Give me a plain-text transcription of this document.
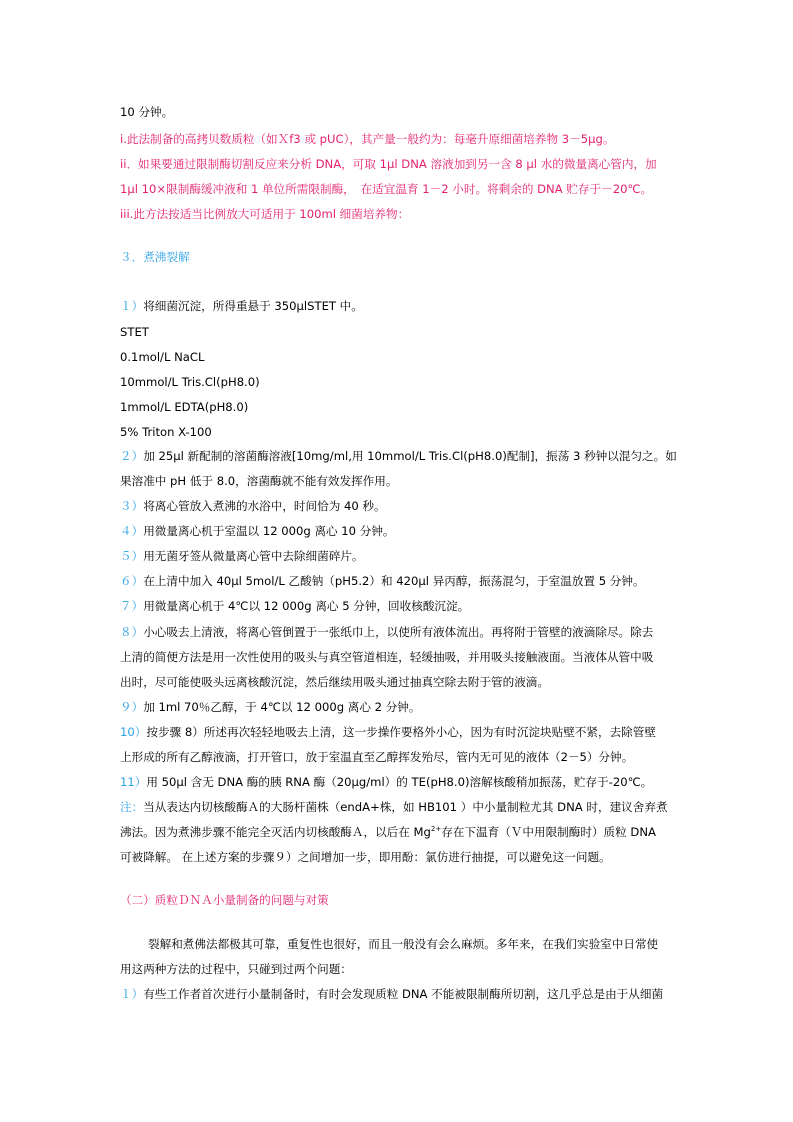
10 分钟。
i.此法制备的高拷贝数质粒（如Ｘf3 或 pUC），其产量一般约为：每毫升原细菌培养物 3－5μg。
ii．如果要通过限制酶切割反应来分析 DNA，可取 1μl DNA 溶液加到另一含 8 μl 水的微量离心管内，加
1μl 10×限制酶缓冲液和 1 单位所需限制酶，　在适宜温育 1－2 小时。将剩余的 DNA 贮存于－20℃。
iii.此方法按适当比例放大可适用于 100ml 细菌培养物：
３．煮沸裂解
１）将细菌沉淀，所得重悬于 350μlSTET 中。
STET
0.1mol/L NaCL
10mmol/L Tris.Cl(pH8.0)
1mmol/L EDTA(pH8.0)
5% Triton X-100
２）加 25μl 新配制的溶菌酶溶液[10mg/ml,用 10mmol/L Tris.Cl(pH8.0)配制]，振荡 3 秒钟以混匀之。如
果溶准中 pH 低于 8.0，溶菌酶就不能有效发挥作用。
３）将离心管放入煮沸的水浴中，时间恰为 40 秒。
４）用微量离心机于室温以 12 000g 离心 10 分钟。
５）用无菌牙签从微量离心管中去除细菌碎片。
６）在上清中加入 40μl 5mol/L 乙酸钠（pH5.2）和 420μl 异丙醇，振荡混匀，于室温放置 5 分钟。
７）用微量离心机于 4℃以 12 000g 离心 5 分钟，回收核酸沉淀。
８）小心吸去上清液，将离心管倒置于一张纸巾上，以使所有液体流出。再将附于管壁的液滴除尽。除去
上清的简便方法是用一次性使用的吸头与真空管道相连，轻缓抽吸，并用吸头接触液面。当液体从管中吸
出时，尽可能使吸头远离核酸沉淀，然后继续用吸头通过抽真空除去附于管的液滴。
９）加 1ml 70％乙醇，于 4℃以 12 000g 离心 2 分钟。
10）按步骤 8）所述再次轻轻地吸去上清，这一步操作要格外小心，因为有时沉淀块贴壁不紧，去除管壁
上形成的所有乙醇液滴，打开管口，放于室温直至乙醇挥发殆尽，管内无可见的液体（2－5）分钟。
11）用 50μl 含无 DNA 酶的胰 RNA 酶（20μg/ml）的 TE(pH8.0)溶解核酸稍加振荡，贮存于-20℃。
注：当从表达内切核酸酶Ａ的大肠杆菌株（endA+株，如 HB101 ）中小量制粒尤其 DNA 时，建议舍弃煮
沸法。因为煮沸步骤不能完全灭活内切核酸酶Ａ，以后在 $Mg^{2+}$存在下温育（Ｖ中用限制酶时）质粒 DNA
可被降解。 在上述方案的步骤９）之间增加一步，即用酚：氯仿进行抽提，可以避免这一问题。
（二）质粒ＤＮＡ小量制备的问题与对策
裂解和煮佛法都极其可靠，重复性也很好，而且一般没有会么麻烦。多年来，在我们实验室中日常使
用这两种方法的过程中，只碰到过两个问题：
１）有些工作者首次进行小量制备时，有时会发现质粒 DNA 不能被限制酶所切割，这几乎总是由于从细菌
